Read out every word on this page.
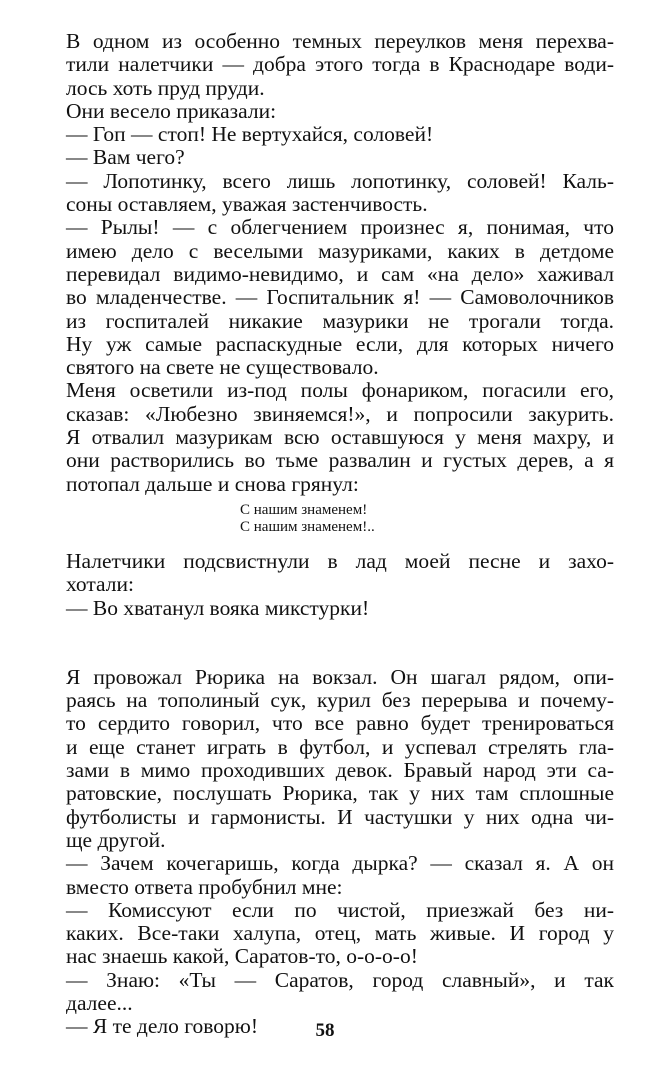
В одном из особенно темных переулков меня перехва-
тили налетчики — добра этого тогда в Краснодаре води-
лось хоть пруд пруди.
Они весело приказали:
— Гоп — стоп! Не вертухайся, соловей!
— Вам чего?
— Лопотинку, всего лишь лопотинку, соловей! Каль-
соны оставляем, уважая застенчивость.
— Рылы! — с облегчением произнес я, понимая, что
имею дело с веселыми мазуриками, каких в детдоме
перевидал видимо-невидимо, и сам «на дело» хаживал
во младенчестве. — Госпитальник я! — Самоволочников
из госпиталей никакие мазурики не трогали тогда.
Ну уж самые распаскудные если, для которых ничего
святого на свете не существовало.
Меня осветили из-под полы фонариком, погасили его,
сказав: «Любезно звиняемся!», и попросили закурить.
Я отвалил мазурикам всю оставшуюся у меня махру, и
они растворились во тьме развалин и густых дерев, а я
потопал дальше и снова грянул:
С нашим знаменем!
С нашим знаменем!..
Налетчики подсвистнули в лад моей песне и захо-
хотали:
— Во хватанул вояка микстурки!
Я провожал Рюрика на вокзал. Он шагал рядом, опи-
раясь на тополиный сук, курил без перерыва и почему-
то сердито говорил, что все равно будет тренироваться
и еще станет играть в футбол, и успевал стрелять гла-
зами в мимо проходивших девок. Бравый народ эти са-
ратовские, послушать Рюрика, так у них там сплошные
футболисты и гармонисты. И частушки у них одна чи-
ще другой.
— Зачем кочегаришь, когда дырка? — сказал я. А он
вместо ответа пробубнил мне:
— Комиссуют если по чистой, приезжай без ни-
каких. Все-таки халупа, отец, мать живые. И город у
нас знаешь какой, Саратов-то, о-о-о-о!
— Знаю: «Ты — Саратов, город славный», и так
далее...
— Я те дело говорю!	58
